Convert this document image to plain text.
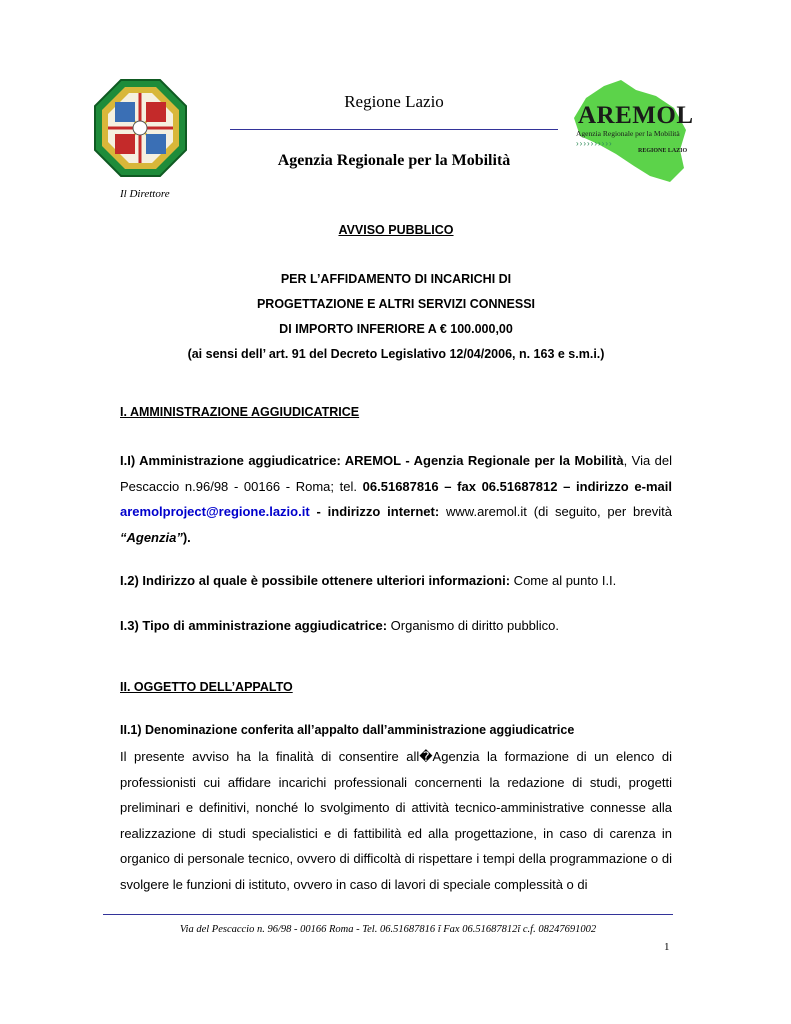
Il Direttore
Regione Lazio
Agenzia Regionale per la Mobilità
AREMOL
Agenzia Regionale per la Mobilità
››››››››››
REGIONE LAZIO
AVVISO PUBBLICO
PER L’AFFIDAMENTO DI INCARICHI DI
PROGETTAZIONE E ALTRI SERVIZI CONNESSI
DI IMPORTO INFERIORE A € 100.000,00
(ai sensi dell’ art. 91 del Decreto Legislativo 12/04/2006, n. 163 e s.m.i.)
I. AMMINISTRAZIONE AGGIUDICATRICE

I.I) Amministrazione aggiudicatrice: AREMOL - Agenzia Regionale per la Mobilità, Via del Pescaccio n.96/98 - 00166 - Roma; tel. 06.51687816 – fax 06.51687812 – indirizzo e-mail aremolproject@regione.lazio.it - indirizzo internet: www.aremol.it (di seguito, per brevità “Agenzia”).

I.2) Indirizzo al quale è possibile ottenere ulteriori informazioni: Come al punto I.I.

I.3) Tipo di amministrazione aggiudicatrice: Organismo di diritto pubblico.

II. OGGETTO DELL’APPALTO
II.1) Denominazione conferita all’appalto dall’amministrazione aggiudicatrice

Il presente avviso ha la finalità di consentire all�Agenzia la formazione di un elenco di professionisti cui affidare incarichi professionali concernenti la redazione di studi, progetti preliminari e definitivi, nonché lo svolgimento di attività tecnico-amministrative connesse alla realizzazione di studi specialistici e di fattibilità ed alla progettazione, in caso di carenza in organico di personale tecnico, ovvero di difficoltà di rispettare i tempi della programmazione o di svolgere le funzioni di istituto, ovvero in caso di lavori di speciale complessità o di

Via del Pescaccio n. 96/98 - 00166 Roma - Tel. 06.51687816 ĭ Fax 06.51687812ĭ c.f. 08247691002
1
